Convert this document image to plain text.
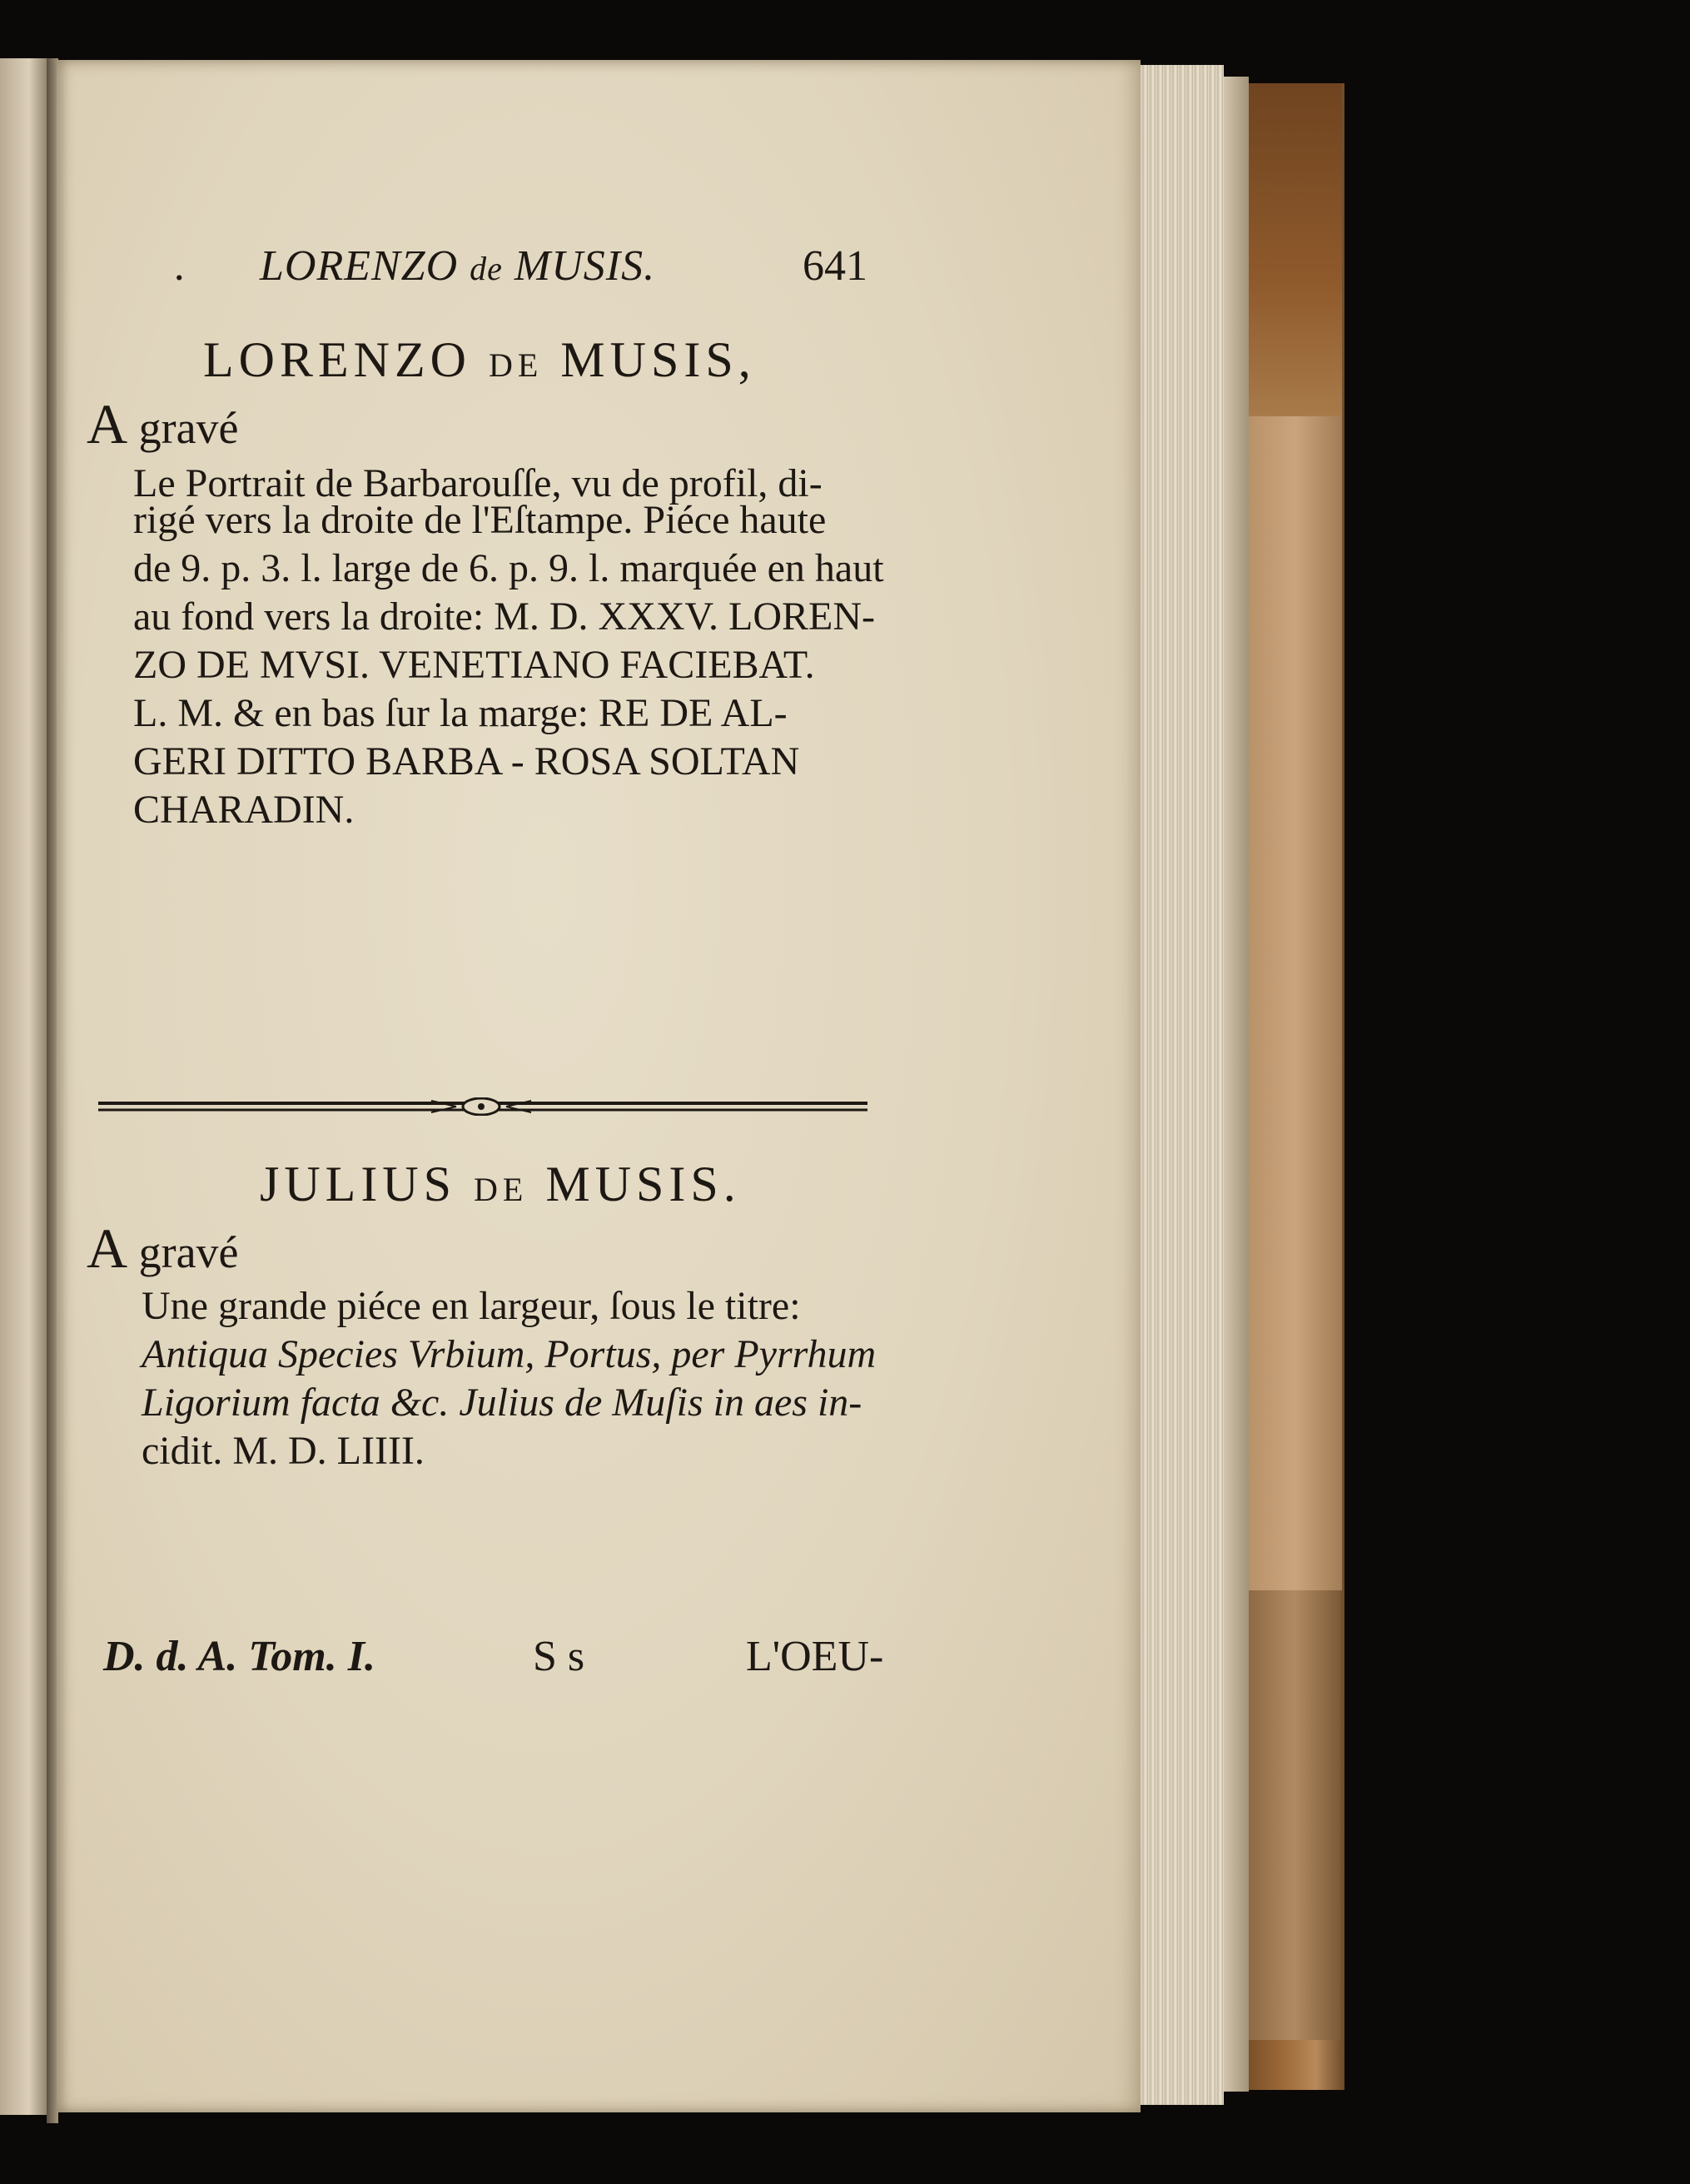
. LORENZO de MUSIS.	641
LORENZO DE MUSIS,
A gravé
Le Portrait de Barbarouſſe, vu de profil, di-
rigé vers la droite de l'Eſtampe. Piéce haute
de 9. p. 3. l. large de 6. p. 9. l. marquée en haut
au fond vers la droite: M. D. XXXV. LOREN-
ZO DE MVSI. VENETIANO FACIEBAT.
L. M. & en bas ſur la marge: RE DE AL-
GERI DITTO BARBA - ROSA SOLTAN
CHARADIN.
JULIUS DE MUSIS.
A gravé
Une grande piéce en largeur, ſous le titre:
Antiqua Species Vrbium, Portus, per Pyrrhum
Ligorium facta &c. Julius de Muſis in aes in-
cidit. M. D. LIIII.
D. d. A. Tom. I.	S s	L'OEU-
